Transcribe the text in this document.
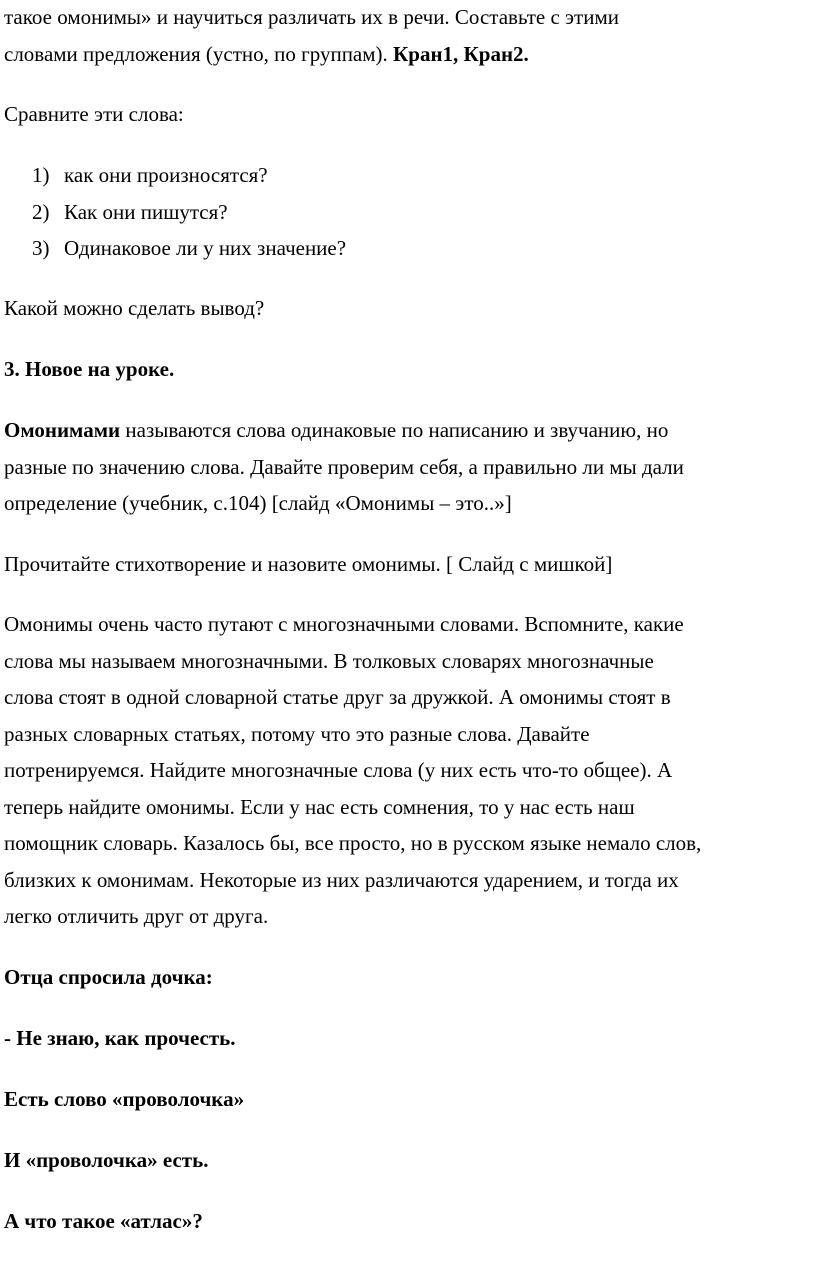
такое омонимы» и научиться различать их в речи. Составьте с этими
словами предложения (устно, по группам). Кран1, Кран2.
Сравните эти слова:
1) как они произносятся?
2) Как они пишутся?
3) Одинаковое ли у них значение?
Какой можно сделать вывод?
3. Новое на уроке.
Омонимами называются слова одинаковые по написанию и звучанию, но
разные по значению слова. Давайте проверим себя, а правильно ли мы дали
определение (учебник, с.104) [слайд «Омонимы – это..»]
Прочитайте стихотворение и назовите омонимы. [ Слайд с мишкой]
Омонимы очень часто путают с многозначными словами. Вспомните, какие
слова мы называем многозначными. В толковых словарях многозначные
слова стоят в одной словарной статье друг за дружкой. А омонимы стоят в
разных словарных статьях, потому что это разные слова. Давайте
потренируемся. Найдите многозначные слова (у них есть что-то общее). А
теперь найдите омонимы. Если у нас есть сомнения, то у нас есть наш
помощник словарь. Казалось бы, все просто, но в русском языке немало слов,
близких к омонимам. Некоторые из них различаются ударением, и тогда их
легко отличить друг от друга.
Отца спросила дочка:
- Не знаю, как прочесть.
Есть слово «проволочка»
И «проволочка» есть.
А что такое «атлас»?
